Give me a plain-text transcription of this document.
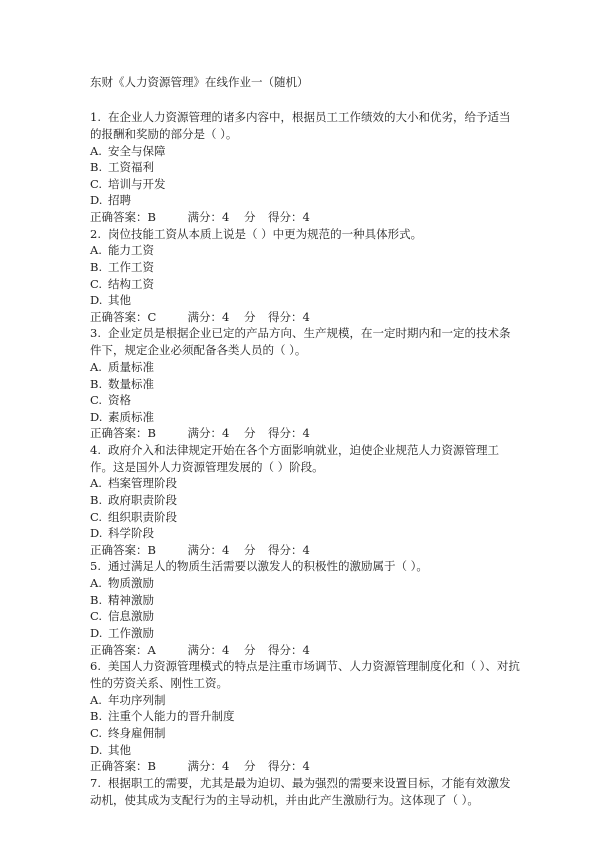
东财《人力资源管理》在线作业一（随机）

1. 在企业人力资源管理的诸多内容中，根据员工工作绩效的大小和优劣，给予适当的报酬和奖励的部分是（ ）。

A. 安全与保障

B. 工资福利

C. 培训与开发

D. 招聘

正确答案：B	满分：4 分 得分：4

2. 岗位技能工资从本质上说是（ ）中更为规范的一种具体形式。

A. 能力工资

B. 工作工资

C. 结构工资

D. 其他

正确答案：C	满分：4 分 得分：4

3. 企业定员是根据企业已定的产品方向、生产规模，在一定时期内和一定的技术条件下，规定企业必须配备各类人员的（ ）。

A. 质量标准

B. 数量标准

C. 资格

D. 素质标准

正确答案：B	满分：4 分 得分：4

4. 政府介入和法律规定开始在各个方面影响就业，迫使企业规范人力资源管理工作。这是国外人力资源管理发展的（ ）阶段。

A. 档案管理阶段

B. 政府职责阶段

C. 组织职责阶段

D. 科学阶段

正确答案：B	满分：4 分 得分：4

5. 通过满足人的物质生活需要以激发人的积极性的激励属于（ ）。

A. 物质激励

B. 精神激励

C. 信息激励

D. 工作激励

正确答案：A	满分：4 分 得分：4

6. 美国人力资源管理模式的特点是注重市场调节、人力资源管理制度化和（ ）、对抗性的劳资关系、刚性工资。

A. 年功序列制

B. 注重个人能力的晋升制度

C. 终身雇佣制

D. 其他

正确答案：B	满分：4 分 得分：4

7. 根据职工的需要，尤其是最为迫切、最为强烈的需要来设置目标，才能有效激发动机，使其成为支配行为的主导动机，并由此产生激励行为。这体现了（ ）。
